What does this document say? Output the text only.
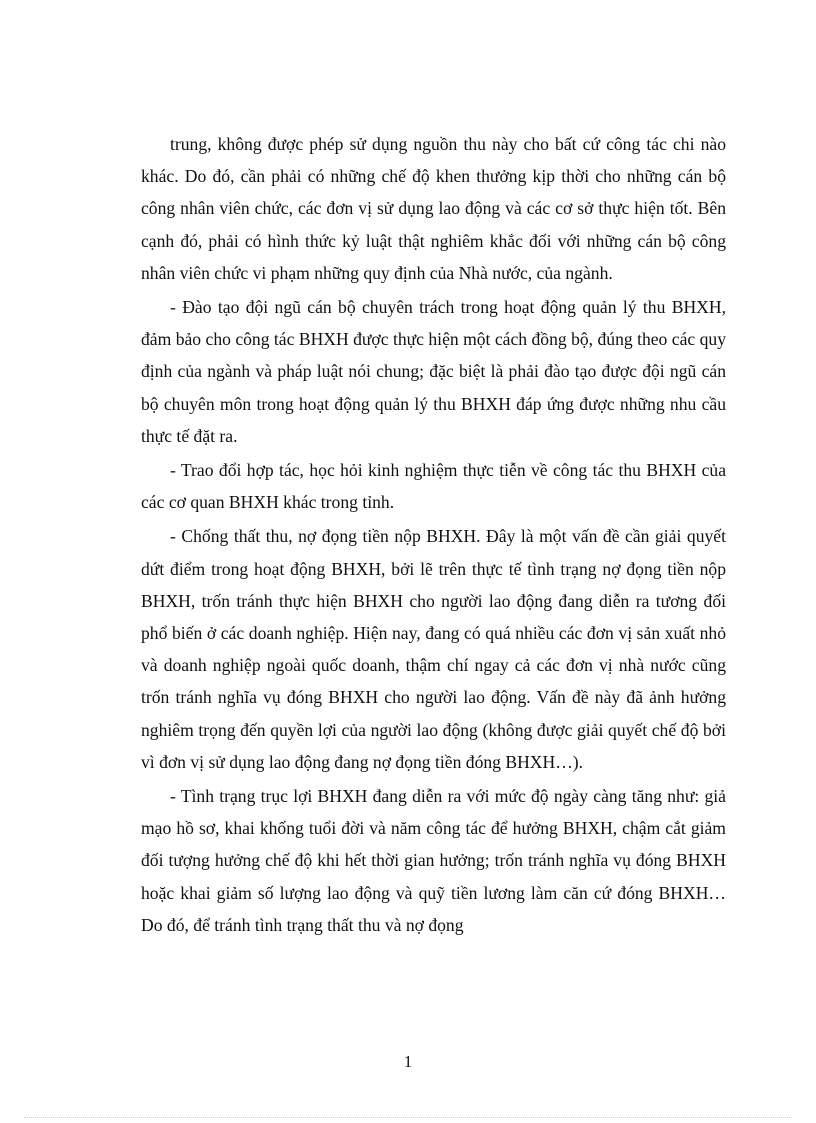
trung, không được phép sử dụng nguồn thu này cho bất cứ công tác chi nào khác. Do đó, cần phải có những chế độ khen thưởng kịp thời cho những cán bộ công nhân viên chức, các đơn vị sử dụng lao động và các cơ sở thực hiện tốt. Bên cạnh đó, phải có hình thức kỷ luật thật nghiêm khắc đối với những cán bộ công nhân viên chức vi phạm những quy định của Nhà nước, của ngành.

- Đào tạo đội ngũ cán bộ chuyên trách trong hoạt động quản lý thu BHXH, đảm bảo cho công tác BHXH được thực hiện một cách đồng bộ, đúng theo các quy định của ngành và pháp luật nói chung; đặc biệt là phải đào tạo được đội ngũ cán bộ chuyên môn trong hoạt động quản lý thu BHXH đáp ứng được những nhu cầu thực tế đặt ra.

- Trao đổi hợp tác, học hỏi kinh nghiệm thực tiễn về công tác thu BHXH của các cơ quan BHXH khác trong tỉnh.

- Chống thất thu, nợ đọng tiền nộp BHXH. Đây là một vấn đề cần giải quyết dứt điểm trong hoạt động BHXH, bởi lẽ trên thực tế tình trạng nợ đọng tiền nộp BHXH, trốn tránh thực hiện BHXH cho người lao động đang diễn ra tương đối phổ biến ở các doanh nghiệp. Hiện nay, đang có quá nhiều các đơn vị sản xuất nhỏ và doanh nghiệp ngoài quốc doanh, thậm chí ngay cả các đơn vị nhà nước cũng trốn tránh nghĩa vụ đóng BHXH cho người lao động. Vấn đề này đã ảnh hưởng nghiêm trọng đến quyền lợi của người lao động (không được giải quyết chế độ bởi vì đơn vị sử dụng lao động đang nợ đọng tiền đóng BHXH…).

- Tình trạng trục lợi BHXH đang diễn ra với mức độ ngày càng tăng như: giả mạo hồ sơ, khai khống tuổi đời và năm công tác để hưởng BHXH, chậm cắt giảm đối tượng hưởng chế độ khi hết thời gian hưởng; trốn tránh nghĩa vụ đóng BHXH hoặc khai giảm số lượng lao động và quỹ tiền lương làm căn cứ đóng BHXH… Do đó, để tránh tình trạng thất thu và nợ đọng

1
